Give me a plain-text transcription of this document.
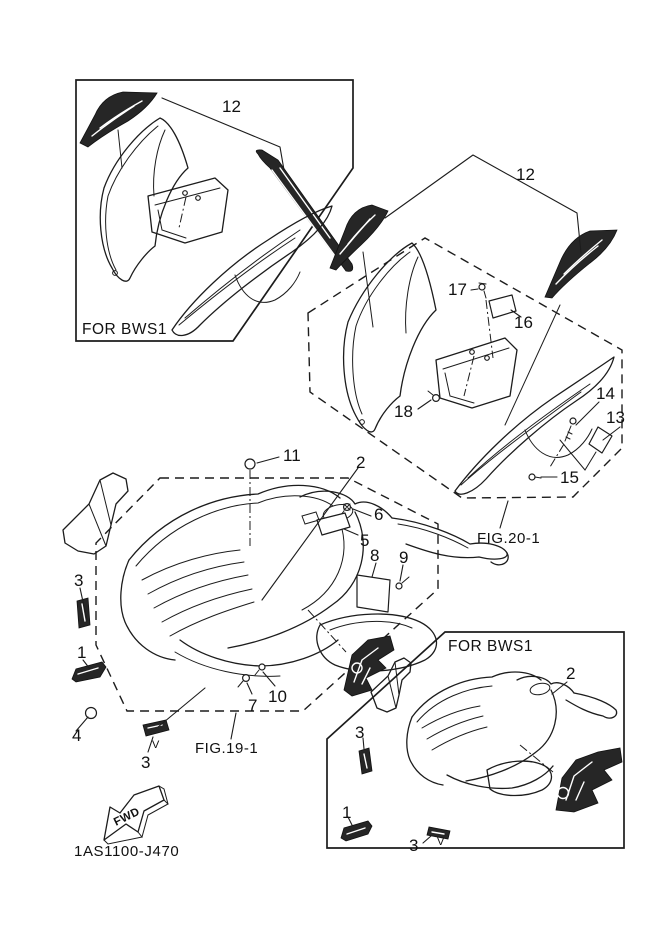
12
FOR BWS1
12
17
16
18
14
13
15
FIG.20-1
11	2
6
5
8 9
7 10
3
1
4
3
V FIG.19-1
2
3
1
3 V
FOR BWS1
FWD
1AS1100-J470
